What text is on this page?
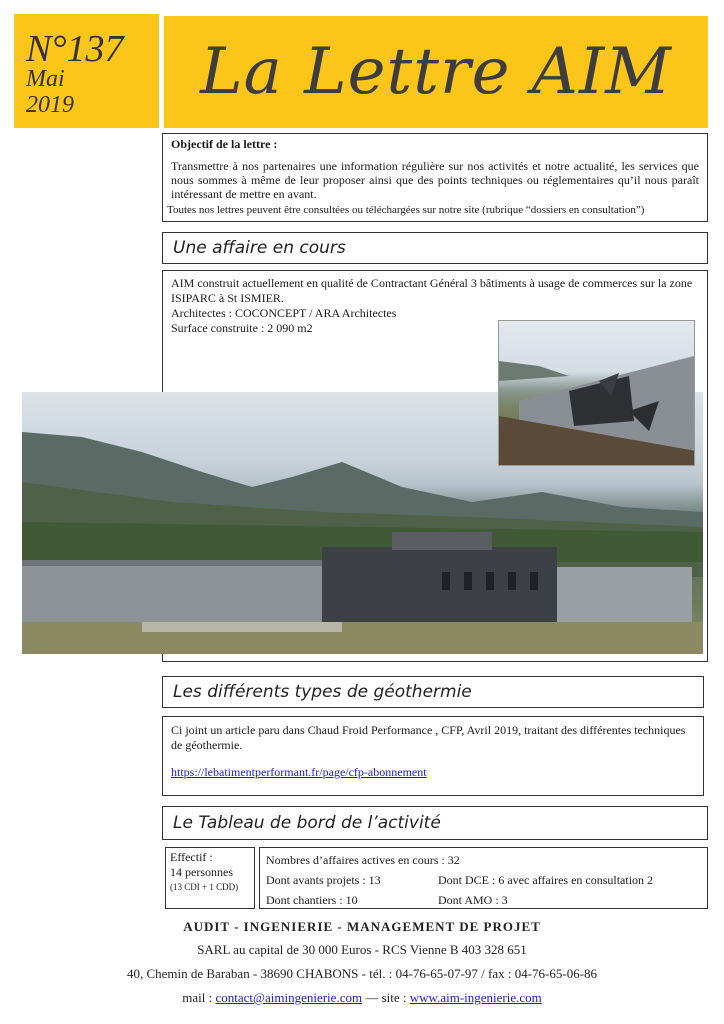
N°137
Mai
2019	La Lettre AIM
Objectif de la lettre :
Transmettre à nos partenaires une information régulière sur nos activités et notre actualité, les services que nous sommes à même de leur proposer ainsi que des points techniques ou réglementaires qu’il nous paraît intéressant de mettre en avant.
Toutes nos lettres peuvent être consultées ou téléchargées sur notre site (rubrique “dossiers en consultation”)
Une affaire en cours
AIM construit actuellement en qualité de Contractant Général 3 bâtiments à usage de commerces sur la zone ISIPARC à St ISMIER.
Architectes : COCONCEPT / ARA Architectes
Surface construite : 2 090 m2
Les différents types de géothermie
Ci joint un article paru dans Chaud Froid Performance , CFP, Avril 2019, traitant des différentes techniques de géothermie.
https://lebatimentperformant.fr/page/cfp-abonnement
Le Tableau de bord de l’activité
Effectif :
14 personnes
(13 CDI + 1 CDD)
Nombres d’affaires actives en cours : 32
Dont avants projets : 13	Dont DCE : 6 avec affaires en consultation 2
Dont chantiers : 10	Dont AMO : 3
AUDIT - INGENIERIE - MANAGEMENT DE PROJET
SARL au capital de 30 000 Euros - RCS Vienne B 403 328 651
40, Chemin de Baraban - 38690 CHABONS - tél. : 04-76-65-07-97 / fax : 04-76-65-06-86
mail : contact@aimingenierie.com — site : www.aim-ingenierie.com
